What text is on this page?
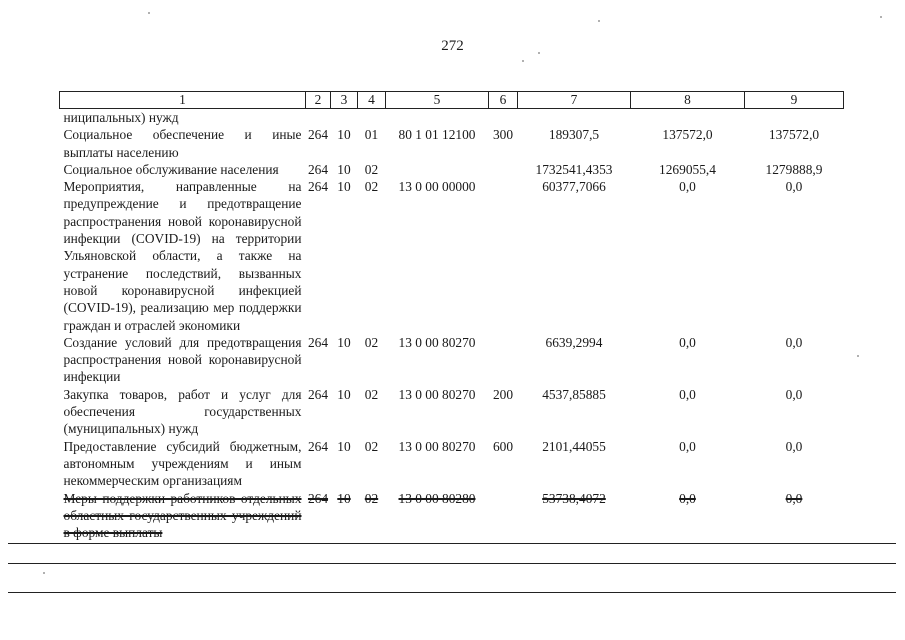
272
1	2	3	4	5	6	7	8	9
ниципальных) нужд								
Социальное обеспечение и иные выплаты населению	264	10	01	80 1 01 12100	300	189307,5	137572,0	137572,0
Социальное обслуживание населения	264	10	02			1732541,4353	1269055,4	1279888,9
Мероприятия, направленные на предупреждение и предотвращение распространения новой коронавирусной инфекции (COVID-19) на территории Ульяновской области, а также на устранение последствий, вызванных новой коронавирусной инфекцией (COVID-19), реализацию мер поддержки граждан и отраслей экономики	264	10	02	13 0 00 00000		60377,7066	0,0	0,0
Создание условий для предотвращения распространения новой коронавирусной инфекции	264	10	02	13 0 00 80270		6639,2994	0,0	0,0
Закупка товаров, работ и услуг для обеспечения государственных (муниципальных) нужд	264	10	02	13 0 00 80270	200	4537,85885	0,0	0,0
Предоставление субсидий бюджетным, автономным учреждениям и иным некоммерческим организациям	264	10	02	13 0 00 80270	600	2101,44055	0,0	0,0
Меры поддержки работников отдельных областных государственных учреждений в форме выплаты	264	10	02	13 0 00 80280		53738,4072	0,0	0,0
